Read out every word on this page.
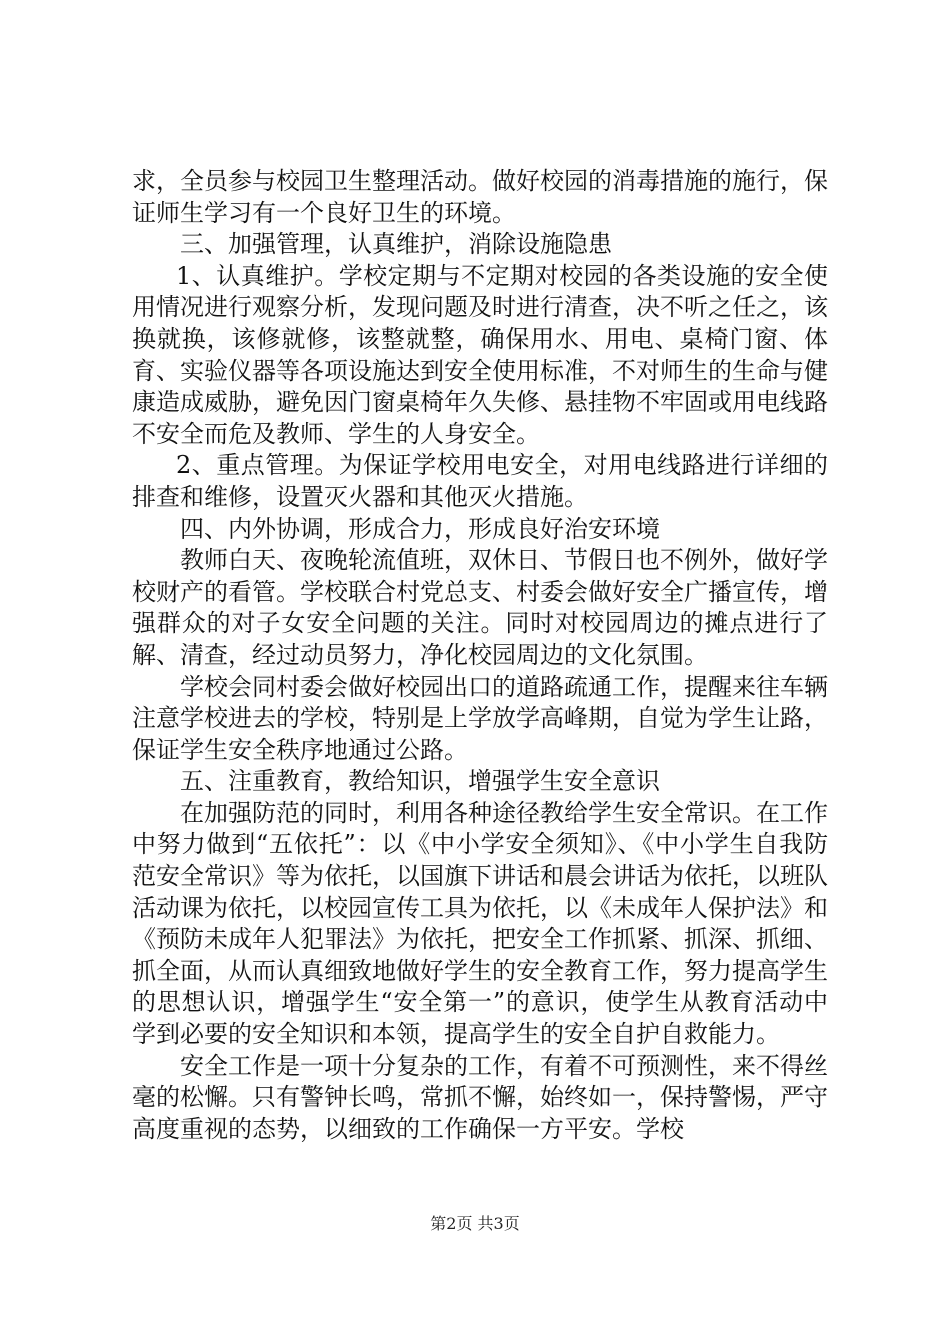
求，全员参与校园卫生整理活动。做好校园的消毒措施的施行，保证师生学习有一个良好卫生的环境。

三、加强管理，认真维护，消除设施隐患

1、认真维护。学校定期与不定期对校园的各类设施的安全使用情况进行观察分析，发现问题及时进行清查，决不听之任之，该换就换，该修就修，该整就整，确保用水、用电、桌椅门窗、体育、实验仪器等各项设施达到安全使用标准，不对师生的生命与健康造成威胁，避免因门窗桌椅年久失修、悬挂物不牢固或用电线路不安全而危及教师、学生的人身安全。

2、重点管理。为保证学校用电安全，对用电线路进行详细的排查和维修，设置灭火器和其他灭火措施。

四、内外协调，形成合力，形成良好治安环境

教师白天、夜晚轮流值班，双休日、节假日也不例外，做好学校财产的看管。学校联合村党总支、村委会做好安全广播宣传，增强群众的对子女安全问题的关注。同时对校园周边的摊点进行了解、清查，经过动员努力，净化校园周边的文化氛围。

学校会同村委会做好校园出口的道路疏通工作，提醒来往车辆注意学校进去的学校，特别是上学放学高峰期，自觉为学生让路，保证学生安全秩序地通过公路。

五、注重教育，教给知识，增强学生安全意识

在加强防范的同时，利用各种途径教给学生安全常识。在工作中努力做到“五依托”：以《中小学安全须知》、《中小学生自我防范安全常识》等为依托，以国旗下讲话和晨会讲话为依托，以班队活动课为依托，以校园宣传工具为依托，以《未成年人保护法》和《预防未成年人犯罪法》为依托，把安全工作抓紧、抓深、抓细、抓全面，从而认真细致地做好学生的安全教育工作，努力提高学生的思想认识，增强学生“安全第一”的意识，使学生从教育活动中学到必要的安全知识和本领，提高学生的安全自护自救能力。

安全工作是一项十分复杂的工作，有着不可预测性，来不得丝毫的松懈。只有警钟长鸣，常抓不懈，始终如一，保持警惕，严守高度重视的态势，以细致的工作确保一方平安。学校

第2页 共3页
